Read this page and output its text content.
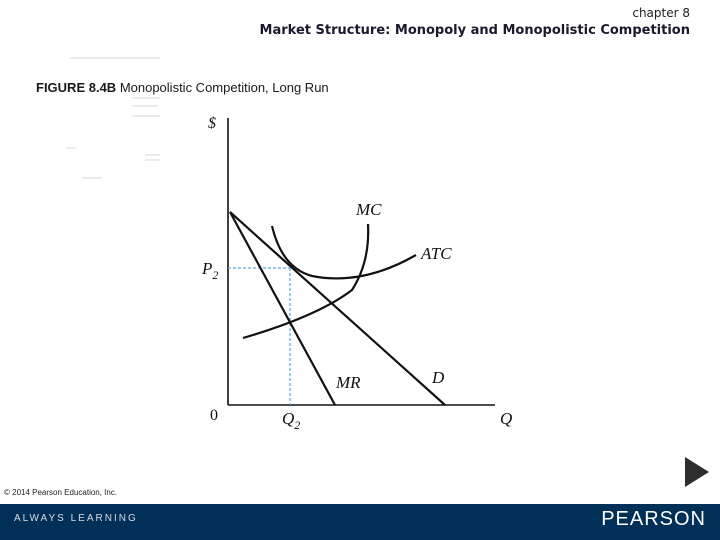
chapter 8
Market Structure: Monopoly and Monopolistic Competition
FIGURE 8.4B Monopolistic Competition, Long Run
$
Q
0
$P_2$
$Q_2$
MC
ATC
D
MR
© 2014 Pearson Education, Inc.
ALWAYS LEARNING	PEARSON
